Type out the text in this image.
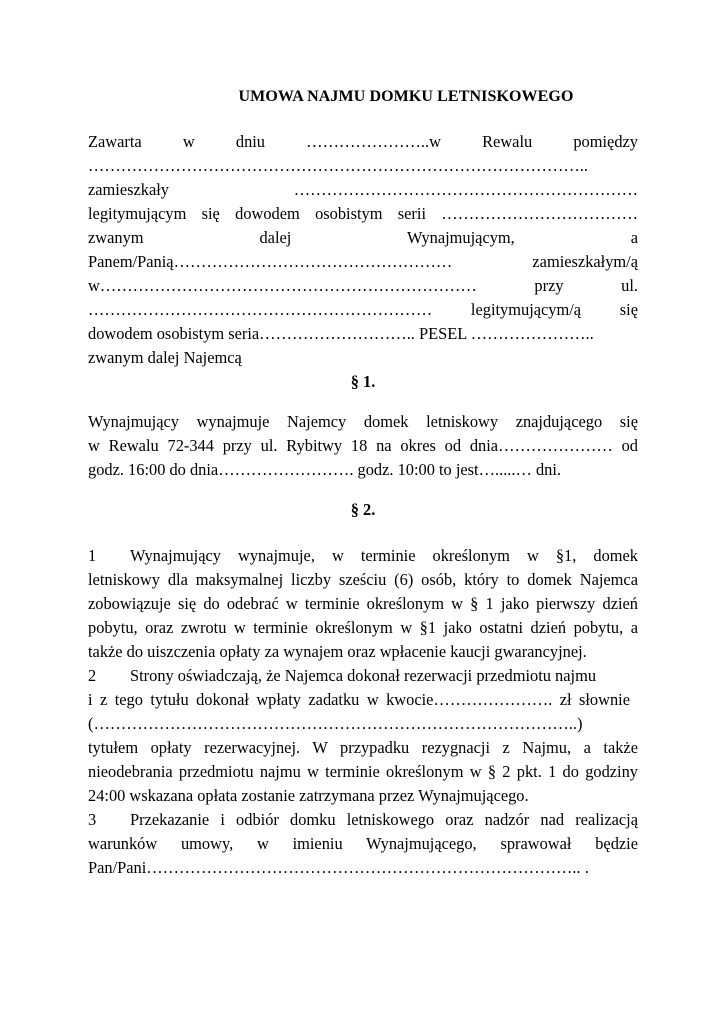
UMOWA NAJMU DOMKU LETNISKOWEGO
Zawarta w dniu …………………..w Rewalu pomiędzy
………………………………………………………………………………..
zamieszkały ………………………………………………………
legitymującym się dowodem osobistym serii ………………………………
zwanym dalej Wynajmującym, a
Panem/Panią…………………………………………… zamieszkałym/ą
w…………………………………………………………… przy ul.
……………………………………………………… legitymującym/ą się
dowodem osobistym seria……………………….. PESEL …………………..
zwanym dalej Najemcą
§ 1.
Wynajmujący wynajmuje Najemcy domek letniskowy znajdującego się
w Rewalu 72-344 przy ul. Rybitwy 18 na okres od dnia………………… od
godz. 16:00 do dnia……………………. godz. 10:00 to jest….....… dni.
§ 2.
1	Wynajmujący wynajmuje, w terminie określonym w §1, domek
letniskowy dla maksymalnej liczby sześciu (6) osób, który to domek Najemca
zobowiązuje się do odebrać w terminie określonym w § 1 jako pierwszy dzień
pobytu, oraz zwrotu w terminie określonym w §1 jako ostatni dzień pobytu, a
także do uiszczenia opłaty za wynajem oraz wpłacenie kaucji gwarancyjnej.
2	Strony oświadczają, że Najemca dokonał rezerwacji przedmiotu najmu
i z tego tytułu dokonał wpłaty zadatku w kwocie…………………. zł słownie
(……………………………………………………………………………..)
tytułem opłaty rezerwacyjnej. W przypadku rezygnacji z Najmu, a także
nieodebrania przedmiotu najmu w terminie określonym w § 2 pkt. 1 do godziny
24:00 wskazana opłata zostanie zatrzymana przez Wynajmującego.
3	Przekazanie i odbiór domku letniskowego oraz nadzór nad realizacją
warunków umowy, w imieniu Wynajmującego, sprawował będzie
Pan/Pani…………………………………………………………………….. .
